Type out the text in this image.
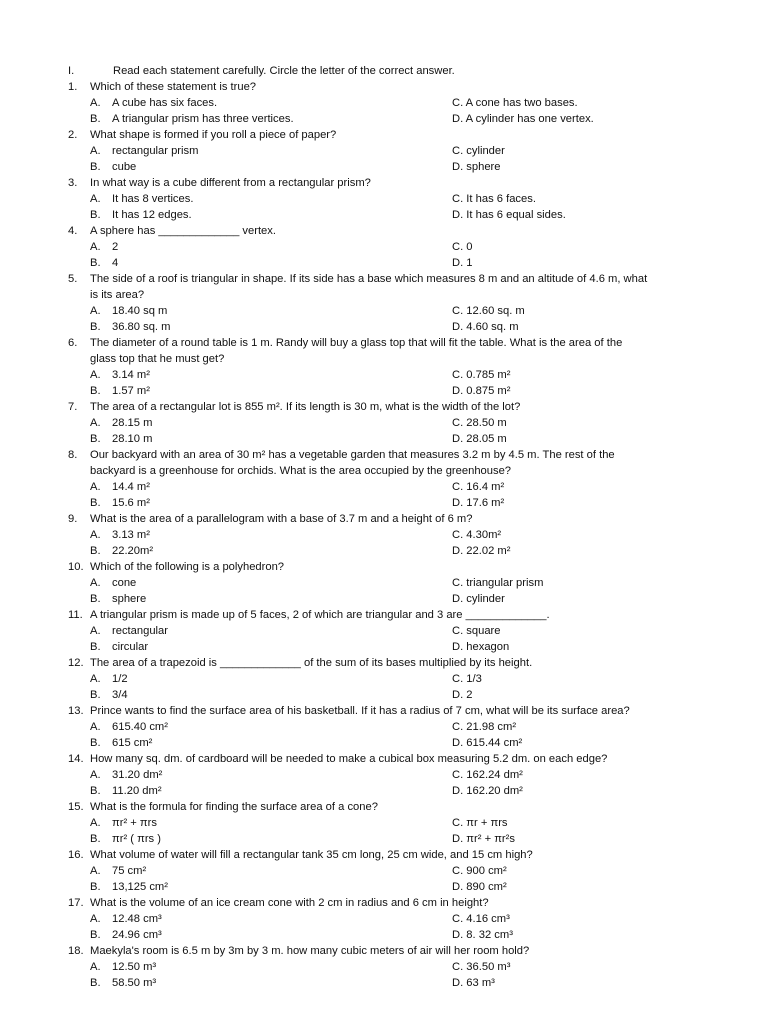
I.	Read each statement carefully. Circle the letter of the correct answer.
1.	Which of these statement is true?
A. A cube has six faces.	C. A cone has two bases.
B. A triangular prism has three vertices.	D. A cylinder has one vertex.
2.	What shape is formed if you roll a piece of paper?
A. rectangular prism	C. cylinder
B. cube	D. sphere
3.	In what way is a cube different from a rectangular prism?
A. It has 8 vertices.	C. It has 6 faces.
B. It has 12 edges.	D. It has 6 equal sides.
4.	A sphere has _____________ vertex.
A. 2	C. 0
B. 4	D. 1
5.	The side of a roof is triangular in shape. If its side has a base which measures 8 m and an altitude of 4.6 m, what
is its area?
A. 18.40 sq m	C. 12.60 sq. m
B. 36.80 sq. m	D. 4.60 sq. m
6.	The diameter of a round table is 1 m. Randy will buy a glass top that will fit the table. What is the area of the
glass top that he must get?
A. 3.14 m²	C. 0.785 m²
B. 1.57 m²	D. 0.875 m²
7.	The area of a rectangular lot is 855 m². If its length is 30 m, what is the width of the lot?
A. 28.15 m	C. 28.50 m
B. 28.10 m	D. 28.05 m
8.	Our backyard with an area of 30 m² has a vegetable garden that measures 3.2 m by 4.5 m. The rest of the
backyard is a greenhouse for orchids. What is the area occupied by the greenhouse?
A. 14.4 m²	C. 16.4 m²
B. 15.6 m²	D. 17.6 m²
9.	What is the area of a parallelogram with a base of 3.7 m and a height of 6 m?
A. 3.13 m²	C. 4.30m²
B. 22.20m²	D. 22.02 m²
10. Which of the following is a polyhedron?
A. cone	C. triangular prism
B. sphere	D. cylinder
11. A triangular prism is made up of 5 faces, 2 of which are triangular and 3 are _____________.
A. rectangular	C. square
B. circular	D. hexagon
12. The area of a trapezoid is _____________ of the sum of its bases multiplied by its height.
A. 1/2	C. 1/3
B. 3/4	D. 2
13. Prince wants to find the surface area of his basketball. If it has a radius of 7 cm, what will be its surface area?
A. 615.40 cm²	C. 21.98 cm²
B. 615 cm²	D. 615.44 cm²
14. How many sq. dm. of cardboard will be needed to make a cubical box measuring 5.2 dm. on each edge?
A. 31.20 dm²	C. 162.24 dm²
B. 11.20 dm²	D. 162.20 dm²
15. What is the formula for finding the surface area of a cone?
A. πr² + πrs	C. πr + πrs
B. πr² ( πrs )	D. πr² + πr²s
16. What volume of water will fill a rectangular tank 35 cm long, 25 cm wide, and 15 cm high?
A. 75 cm²	C. 900 cm²
B. 13,125 cm²	D. 890 cm²
17. What is the volume of an ice cream cone with 2 cm in radius and 6 cm in height?
A. 12.48 cm³	C. 4.16 cm³
B. 24.96 cm³	D. 8. 32 cm³
18. Maekyla's room is 6.5 m by 3m by 3 m. how many cubic meters of air will her room hold?
A. 12.50 m³	C. 36.50 m³
B. 58.50 m³	D. 63 m³
